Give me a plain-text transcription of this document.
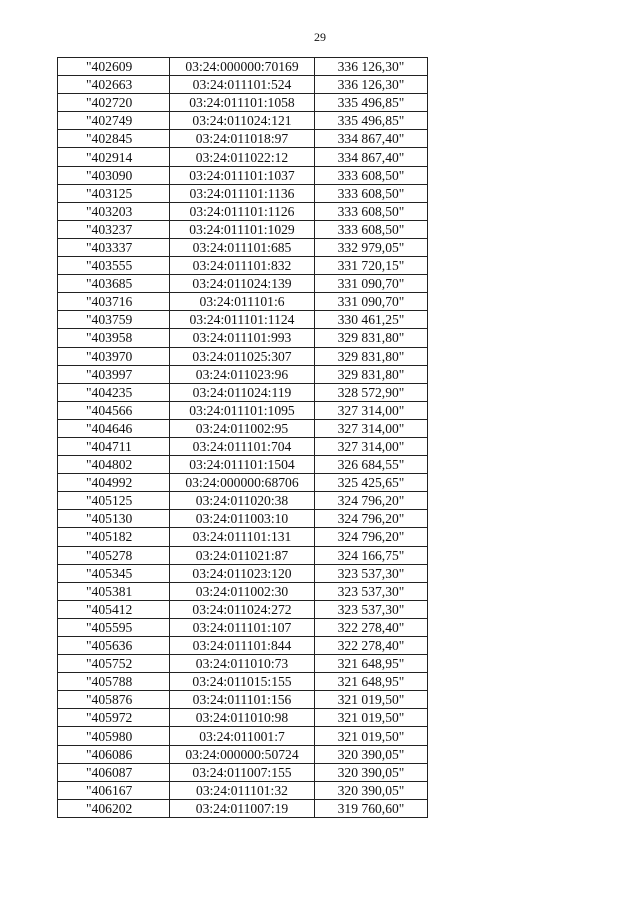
29
"402609	03:24:000000:70169	336 126,30"
"402663	03:24:011101:524	336 126,30"
"402720	03:24:011101:1058	335 496,85"
"402749	03:24:011024:121	335 496,85"
"402845	03:24:011018:97	334 867,40"
"402914	03:24:011022:12	334 867,40"
"403090	03:24:011101:1037	333 608,50"
"403125	03:24:011101:1136	333 608,50"
"403203	03:24:011101:1126	333 608,50"
"403237	03:24:011101:1029	333 608,50"
"403337	03:24:011101:685	332 979,05"
"403555	03:24:011101:832	331 720,15"
"403685	03:24:011024:139	331 090,70"
"403716	03:24:011101:6	331 090,70"
"403759	03:24:011101:1124	330 461,25"
"403958	03:24:011101:993	329 831,80"
"403970	03:24:011025:307	329 831,80"
"403997	03:24:011023:96	329 831,80"
"404235	03:24:011024:119	328 572,90"
"404566	03:24:011101:1095	327 314,00"
"404646	03:24:011002:95	327 314,00"
"404711	03:24:011101:704	327 314,00"
"404802	03:24:011101:1504	326 684,55"
"404992	03:24:000000:68706	325 425,65"
"405125	03:24:011020:38	324 796,20"
"405130	03:24:011003:10	324 796,20"
"405182	03:24:011101:131	324 796,20"
"405278	03:24:011021:87	324 166,75"
"405345	03:24:011023:120	323 537,30"
"405381	03:24:011002:30	323 537,30"
"405412	03:24:011024:272	323 537,30"
"405595	03:24:011101:107	322 278,40"
"405636	03:24:011101:844	322 278,40"
"405752	03:24:011010:73	321 648,95"
"405788	03:24:011015:155	321 648,95"
"405876	03:24:011101:156	321 019,50"
"405972	03:24:011010:98	321 019,50"
"405980	03:24:011001:7	321 019,50"
"406086	03:24:000000:50724	320 390,05"
"406087	03:24:011007:155	320 390,05"
"406167	03:24:011101:32	320 390,05"
"406202	03:24:011007:19	319 760,60"
